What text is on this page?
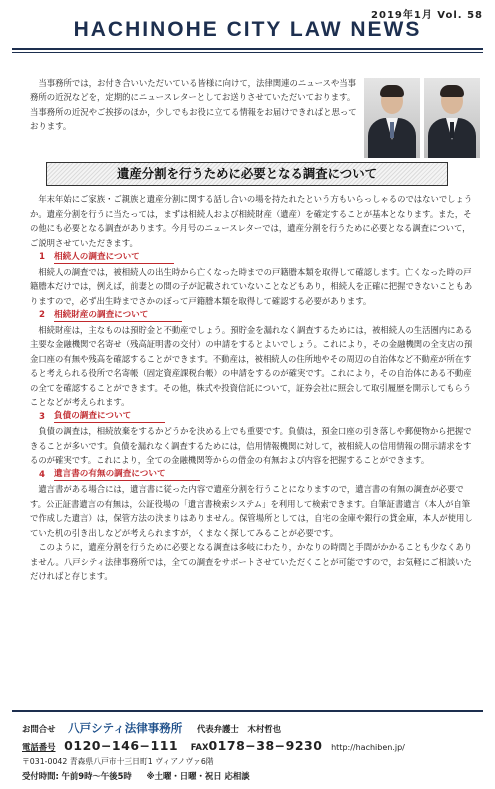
2019年1月 Vol. 58
HACHINOHE CITY LAW NEWS

当事務所では，お付き合いいただいている皆様に向けて，法律関連のニュースや当事務所の近況などを，定期的にニュースレターとしてお送りさせていただいております。当事務所の近況やご挨拶のほか，少しでもお役に立てる情報をお届けできればと思っております。

遺産分割を行うために必要となる調査について

年末年始にご家族・ご親族と遺産分割に関する話し合いの場を持たれたという方もいらっしゃるのではないでしょうか。遺産分割を行うに当たっては，まずは相続人および相続財産（遺産）を確定することが基本となります。また，その他にも必要となる調査があります。今月号のニュースレターでは，遺産分割を行うために必要となる調査について，ご説明させていただきます。

1	相続人の調査について

相続人の調査では，被相続人の出生時から亡くなった時までの戸籍謄本類を取得して確認します。亡くなった時の戸籍謄本だけでは，例えば，前妻との間の子が記載されていないことなどもあり，相続人を正確に把握できないこともありますので，必ず出生時までさかのぼって戸籍謄本類を取得して確認する必要があります。

2	相続財産の調査について

相続財産は，主なものは預貯金と不動産でしょう。預貯金を漏れなく調査するためには，被相続人の生活圏内にある主要な金融機関で名寄せ（残高証明書の交付）の申請をするとよいでしょう。これにより，その金融機関の全支店の預金口座の有無や残高を確認することができます。不動産は，被相続人の住所地やその周辺の自治体など不動産が所在すると考えられる役所で名寄帳（固定資産課税台帳）の申請をするのが確実です。これにより，その自治体にある不動産の全てを確認することができます。その他，株式や投資信託について，証券会社に照会して取引履歴を開示してもらうことなどが考えられます。

3	負債の調査について

負債の調査は，相続放棄をするかどうかを決める上でも重要です。負債は，預金口座の引き落しや郵便物から把握できることが多いです。負債を漏れなく調査するためには，信用情報機関に対して，被相続人の信用情報の開示請求をするのが確実です。これにより，全ての金融機関等からの借金の有無および内容を把握することができます。

4	遺言書の有無の調査について

遺言書がある場合には，遺言書に従った内容で遺産分割を行うことになりますので，遺言書の有無の調査が必要です。公正証書遺言の有無は，公証役場の「遺言書検索システム」を利用して検索できます。自筆証書遺言（本人が自筆で作成した遺言）は，保管方法の決まりはありません。保管場所としては，自宅の金庫や銀行の貸金庫，本人が使用していた机の引き出しなどが考えられますが，くまなく探してみることが必要です。

このように，遺産分割を行うために必要となる調査は多岐にわたり，かなりの時間と手間がかかることも少なくありません。八戸シティ法律事務所では，全ての調査をサポートさせていただくことが可能ですので，お気軽にご相談いただければと存じます。

お問合せ 八戸シティ法律事務所 代表弁護士 木村哲也
電話番号 0120−146−111 FAX0178−38−9230 http://hachiben.jp/
〒031-0042 青森県八戸市十三日町1 ヴィアノヴァ6階
受付時間: 午前9時〜午後5時 ※土曜・日曜・祝日 応相談
